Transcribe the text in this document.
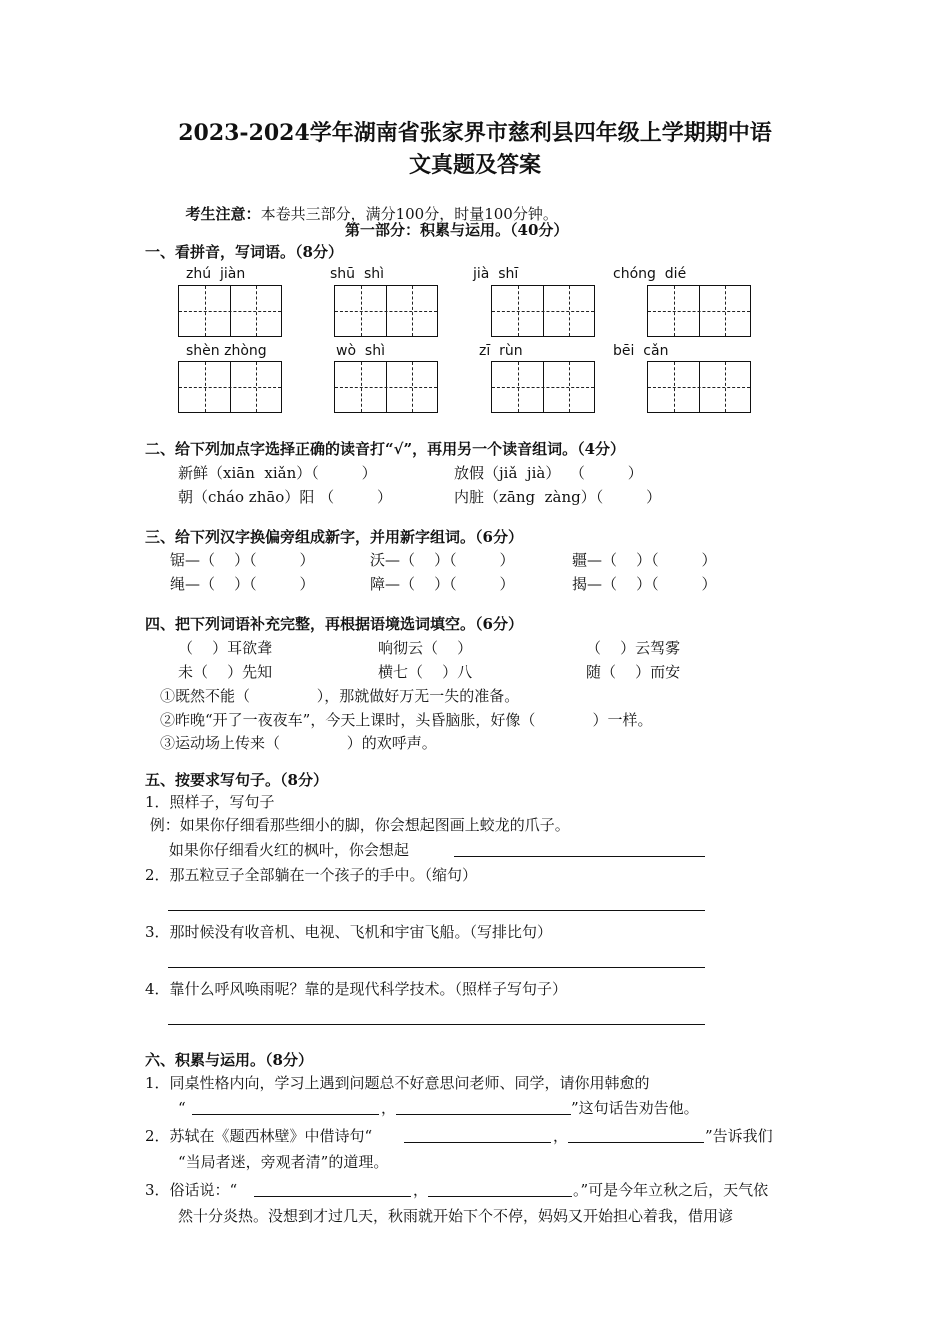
2023-2024学年湖南省张家界市慈利县四年级上学期期中语
文真题及答案

考生注意：本卷共三部分，满分100分，时量100分钟。

第一部分：积累与运用。（40分）
一、看拼音，写词语。（8分）
zhú  jiàn	shū  shì	jià  shī	chóng  dié
shèn zhòng	wò  shì	zī  rùn	bēi  cǎn
二、给下列加点字选择正确的读音打“√”，再用另一个读音组词。（4分）
新鲜（xiān  xiǎn）（         ）	放假（jiǎ  jià）  （         ）
朝（cháo zhāo）阳 （         ）	内脏（zāng  zàng）（         ）
三、给下列汉字换偏旁组成新字，并用新字组词。（6分）
锯—（    ）（         ）	沃—（    ）（         ）	疆—（    ）（         ）
绳—（    ）（         ）	障—（    ）（         ）	揭—（    ）（         ）
四、把下列词语补充完整，再根据语境选词填空。（6分）
（    ）耳欲聋	响彻云（    ）	（    ）云驾雾
未（    ）先知	横七（    ）八	随（    ）而安
①既然不能（              ），那就做好万无一失的准备。
②昨晚“开了一夜夜车”，今天上课时，头昏脑胀，好像（            ）一样。
③运动场上传来（              ）的欢呼声。
五、按要求写句子。（8分）
1．照样子，写句子
例：如果你仔细看那些细小的脚，你会想起图画上蛟龙的爪子。
如果你仔细看火红的枫叶，你会想起
2．那五粒豆子全部躺在一个孩子的手中。（缩句）
3．那时候没有收音机、电视、飞机和宇宙飞船。（写排比句）
4．靠什么呼风唤雨呢？靠的是现代科学技术。（照样子写句子）
六、积累与运用。（8分）
1．同桌性格内向，学习上遇到问题总不好意思问老师、同学，请你用韩愈的
“	，	”这句话告劝告他。
2．苏轼在《题西林壁》中借诗句“	，	”告诉我们
“当局者迷，旁观者清”的道理。
3．俗话说：“	，	。”可是今年立秋之后，天气依
然十分炎热。没想到才过几天，秋雨就开始下个不停，妈妈又开始担心着我，借用谚
